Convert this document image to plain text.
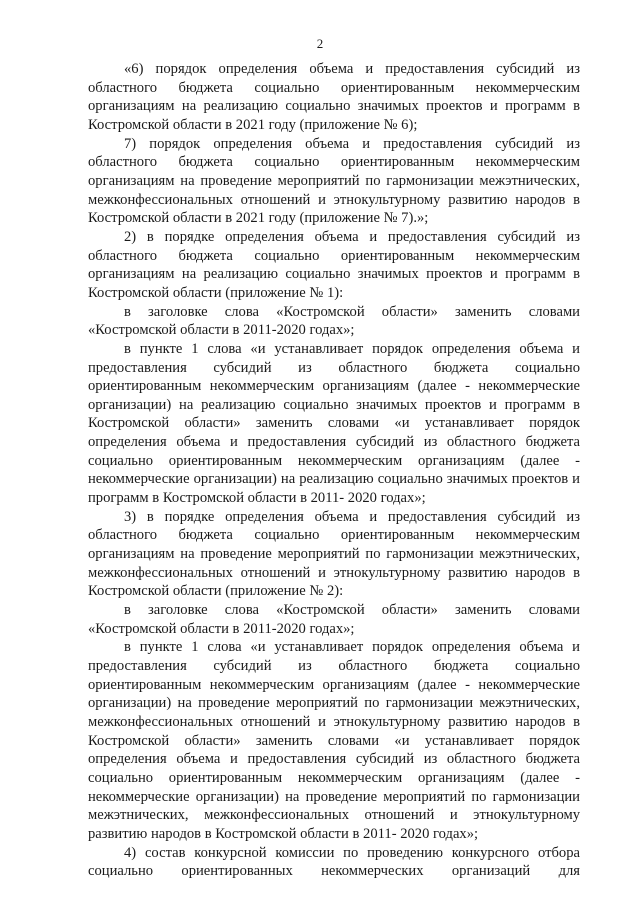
2

«6) порядок определения объема и предоставления субсидий из областного бюджета социально ориентированным некоммерческим организациям на реализацию социально значимых проектов и программ в Костромской области в 2021 году (приложение № 6);

7) порядок определения объема и предоставления субсидий из областного бюджета социально ориентированным некоммерческим организациям на проведение мероприятий по гармонизации межэтнических, межконфессиональных отношений и этнокультурному развитию народов в Костромской области в 2021 году (приложение № 7).»;

2) в порядке определения объема и предоставления субсидий из областного бюджета социально ориентированным некоммерческим организациям на реализацию социально значимых проектов и программ в Костромской области (приложение № 1):

в заголовке слова «Костромской области» заменить словами «Костромской области в 2011-2020 годах»;

в пункте 1 слова «и устанавливает порядок определения объема и предоставления субсидий из областного бюджета социально ориентированным некоммерческим организациям (далее - некоммерческие организации) на реализацию социально значимых проектов и программ в Костромской области» заменить словами «и устанавливает порядок определения объема и предоставления субсидий из областного бюджета социально ориентированным некоммерческим организациям (далее - некоммерческие организации) на реализацию социально значимых проектов и программ в Костромской области в 2011- 2020 годах»;

3) в порядке определения объема и предоставления субсидий из областного бюджета социально ориентированным некоммерческим организациям на проведение мероприятий по гармонизации межэтнических, межконфессиональных отношений и этнокультурному развитию народов в Костромской области (приложение № 2):

в заголовке слова «Костромской области» заменить словами «Костромской области в 2011-2020 годах»;

в пункте 1 слова «и устанавливает порядок определения объема и предоставления субсидий из областного бюджета социально ориентированным некоммерческим организациям (далее - некоммерческие организации) на проведение мероприятий по гармонизации межэтнических, межконфессиональных отношений и этнокультурному развитию народов в Костромской области» заменить словами «и устанавливает порядок определения объема и предоставления субсидий из областного бюджета социально ориентированным некоммерческим организациям (далее - некоммерческие организации) на проведение мероприятий по гармонизации межэтнических, межконфессиональных отношений и этнокультурному развитию народов в Костромской области в 2011- 2020 годах»;

4) состав конкурсной комиссии по проведению конкурсного отбора социально ориентированных некоммерческих организаций для
